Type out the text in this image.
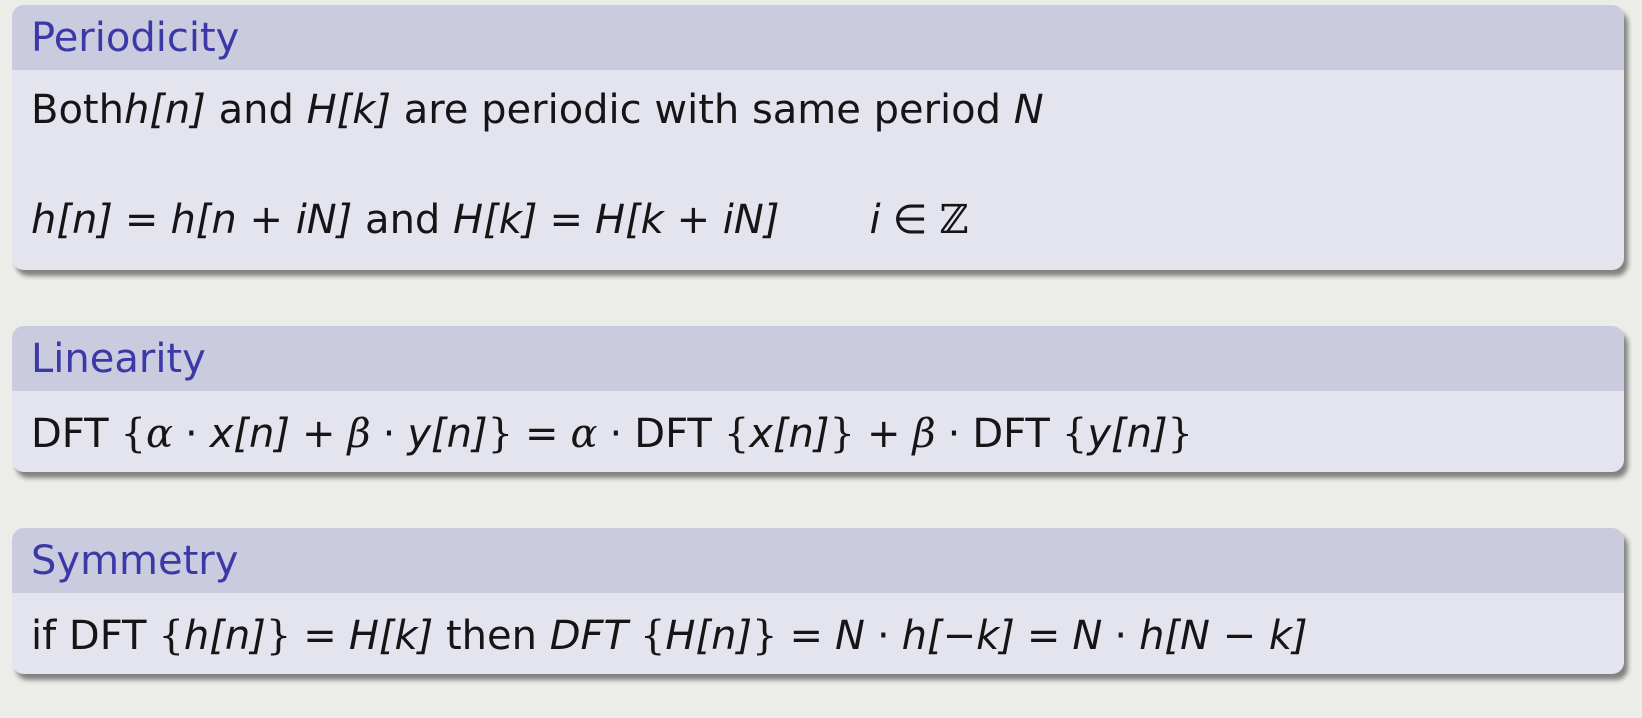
Periodicity
Both h [n] and H [k] are periodic with same period N
h[n] = h[n + iN] and H[k] = H[k + iN] i ∈ ℤ
Linearity
DFT { α · x[n] + β · y[n] } = α · DFT { x[n] } + β · DFT { y[n] }
Symmetry
if DFT { h[n] } = H[k] then DFT { H[n] } = N · h[−k] = N · h[N − k]
